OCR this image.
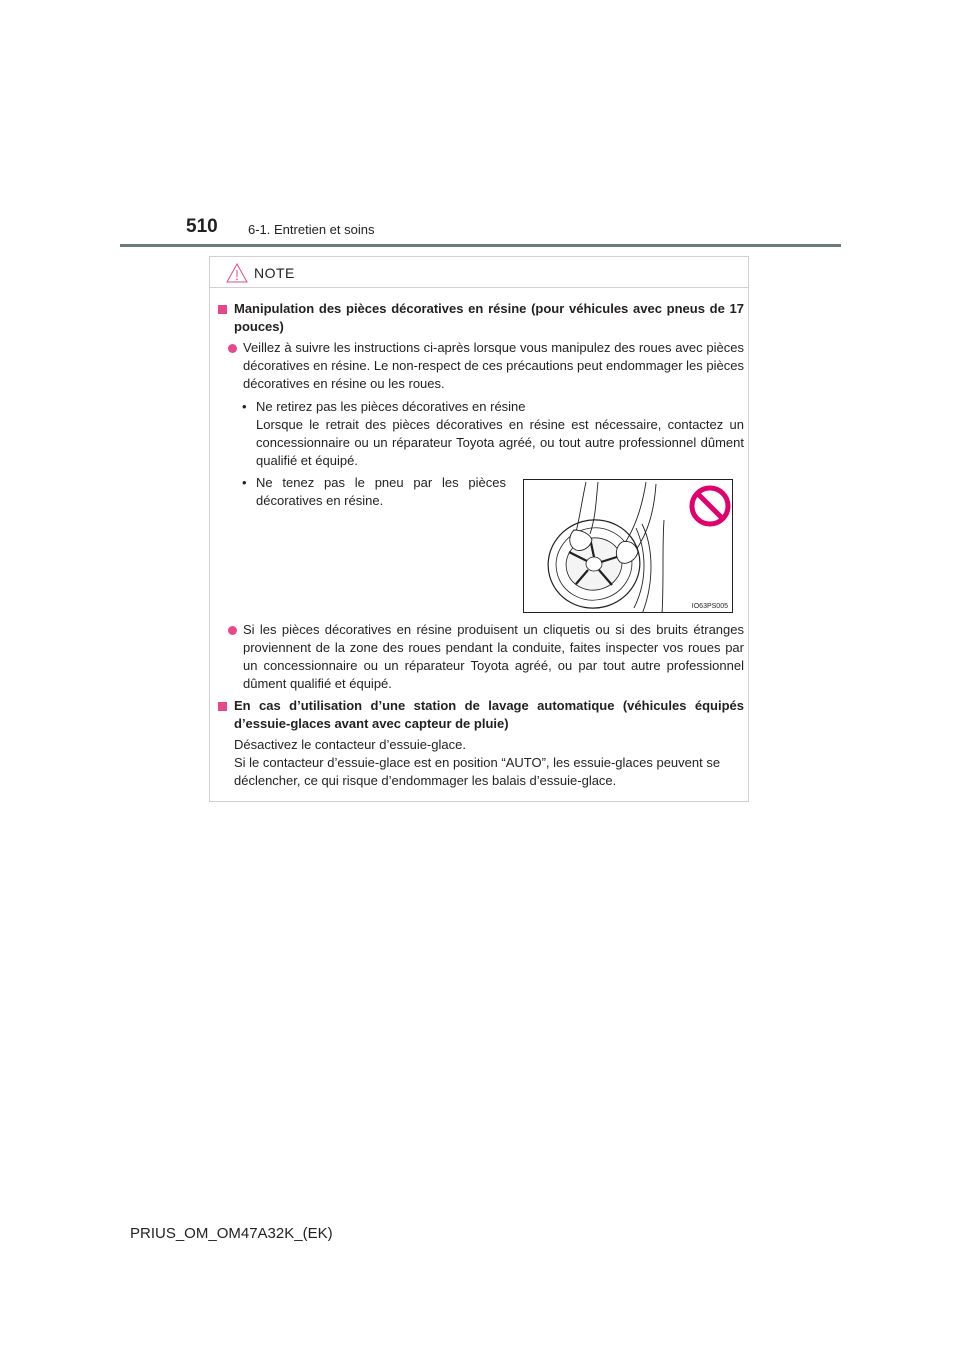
510 6-1. Entretien et soins
NOTE
Manipulation des pièces décoratives en résine (pour véhicules avec pneus de 17 pouces)
Veillez à suivre les instructions ci-après lorsque vous manipulez des roues avec pièces décoratives en résine. Le non-respect de ces précautions peut endommager les pièces décoratives en résine ou les roues.
• Ne retirez pas les pièces décoratives en résine
Lorsque le retrait des pièces décoratives en résine est nécessaire, contactez un concessionnaire ou un réparateur Toyota agréé, ou tout autre professionnel dûment qualifié et équipé.
• Ne tenez pas le pneu par les pièces décoratives en résine.
IO63PS005
Si les pièces décoratives en résine produisent un cliquetis ou si des bruits étranges proviennent de la zone des roues pendant la conduite, faites inspecter vos roues par un concessionnaire ou un réparateur Toyota agréé, ou par tout autre professionnel dûment qualifié et équipé.
En cas d’utilisation d’une station de lavage automatique (véhicules équipés d’essuie-glaces avant avec capteur de pluie)
Désactivez le contacteur d’essuie-glace.
Si le contacteur d’essuie-glace est en position “AUTO”, les essuie-glaces peuvent se déclencher, ce qui risque d’endommager les balais d’essuie-glace.
PRIUS_OM_OM47A32K_(EK)
